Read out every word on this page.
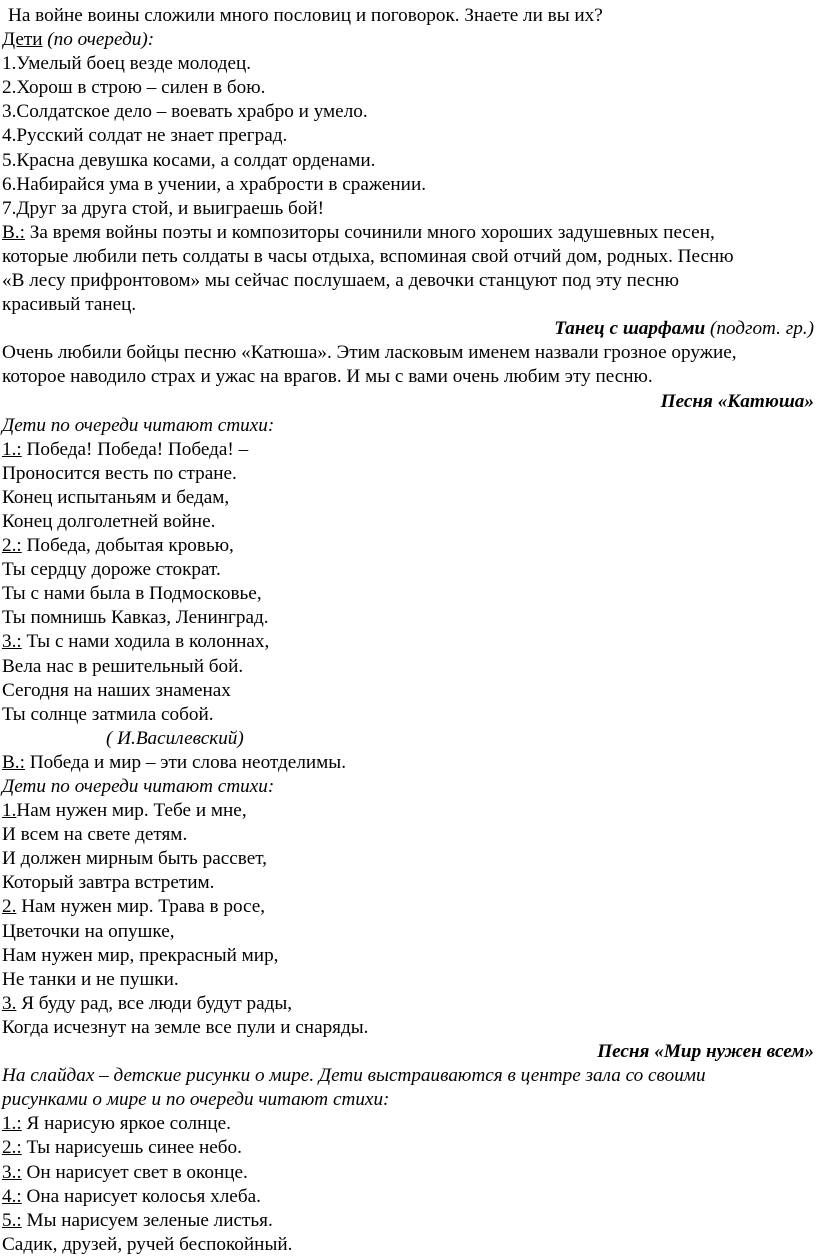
На войне воины сложили много пословиц и поговорок. Знаете ли вы их?
Дети (по очереди):
1.Умелый боец везде молодец.
2.Хорош в строю – силен в бою.
3.Солдатское дело – воевать храбро и умело.
4.Русский солдат не знает преград.
5.Красна девушка косами, а солдат орденами.
6.Набирайся ума в учении, а храбрости в сражении.
7.Друг за друга стой, и выиграешь бой!
В.: За время войны поэты и композиторы сочинили много хороших задушевных песен,
которые любили петь солдаты в часы отдыха, вспоминая свой отчий дом, родных. Песню
«В лесу прифронтовом» мы сейчас послушаем, а девочки станцуют под эту песню
красивый танец.
Танец с шарфами (подгот. гр.)
Очень любили бойцы песню «Катюша». Этим ласковым именем назвали грозное оружие,
которое наводило страх и ужас на врагов. И мы с вами очень любим эту песню.
Песня «Катюша»
Дети по очереди читают стихи:
1.: Победа! Победа! Победа! –
Проносится весть по стране.
Конец испытаньям и бедам,
Конец долголетней войне.
2.: Победа, добытая кровью,
Ты сердцу дороже стократ.
Ты с нами была в Подмосковье,
Ты помнишь Кавказ, Ленинград.
3.: Ты с нами ходила в колоннах,
Вела нас в решительный бой.
Сегодня на наших знаменах
Ты солнце затмила собой.
( И.Василевский)
В.: Победа и мир – эти слова неотделимы.
Дети по очереди читают стихи:
1.Нам нужен мир. Тебе и мне,
И всем на свете детям.
И должен мирным быть рассвет,
Который завтра встретим.
2. Нам нужен мир. Трава в росе,
Цветочки на опушке,
Нам нужен мир, прекрасный мир,
Не танки и не пушки.
3. Я буду рад, все люди будут рады,
Когда исчезнут на земле все пули и снаряды.
Песня «Мир нужен всем»
На слайдах – детские рисунки о мире. Дети выстраиваются в центре зала со своими
рисунками о мире и по очереди читают стихи:
1.: Я нарисую яркое солнце.
2.: Ты нарисуешь синее небо.
3.: Он нарисует свет в оконце.
4.: Она нарисует колосья хлеба.
5.: Мы нарисуем зеленые листья.
Садик, друзей, ручей беспокойный.
